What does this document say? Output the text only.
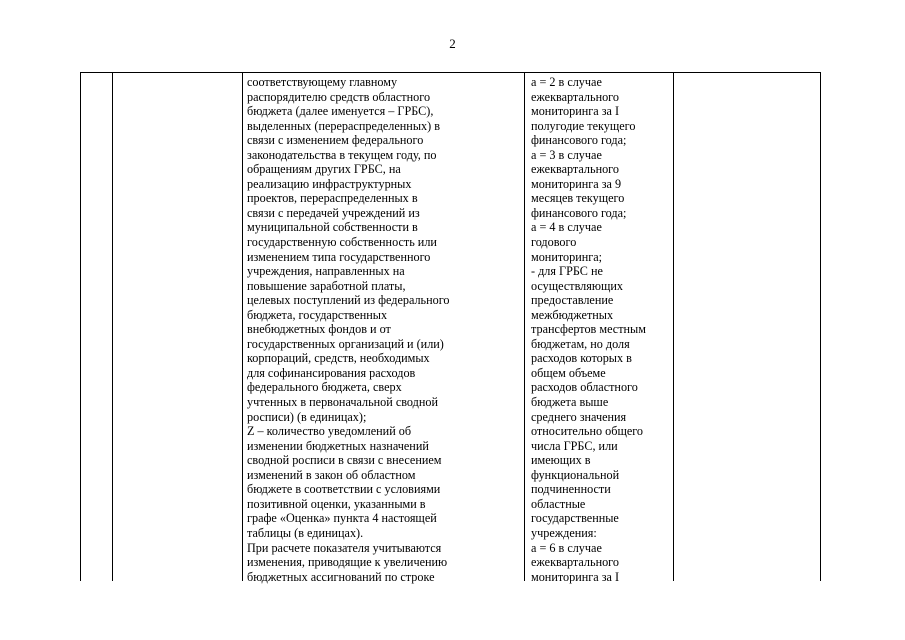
2
соответствующему главному
распорядителю средств областного
бюджета (далее именуется – ГРБС),
выделенных (перераспределенных) в
связи с изменением федерального
законодательства в текущем году, по
обращениям других ГРБС, на
реализацию инфраструктурных
проектов, перераспределенных в
связи с передачей учреждений из
муниципальной собственности в
государственную собственность или
изменением типа государственного
учреждения, направленных на
повышение заработной платы,
целевых поступлений из федерального
бюджета, государственных
внебюджетных фондов и от
государственных организаций и (или)
корпораций, средств, необходимых
для софинансирования расходов
федерального бюджета, сверх
учтенных в первоначальной сводной
росписи) (в единицах);
Z – количество уведомлений об
изменении бюджетных назначений
сводной росписи в связи с внесением
изменений в закон об областном
бюджете в соответствии с условиями
позитивной оценки, указанными в
графе «Оценка» пункта 4 настоящей
таблицы (в единицах).
При расчете показателя учитываются
изменения, приводящие к увеличению
бюджетных ассигнований по строке
a = 2 в случае
ежеквартального
мониторинга за I
полугодие текущего
финансового года;
a = 3 в случае
ежеквартального
мониторинга за 9
месяцев текущего
финансового года;
a = 4 в случае
годового
мониторинга;
- для ГРБС не
осуществляющих
предоставление
межбюджетных
трансфертов местным
бюджетам, но доля
расходов которых в
общем объеме
расходов областного
бюджета выше
среднего значения
относительно общего
числа ГРБС, или
имеющих в
функциональной
подчиненности
областные
государственные
учреждения:
a = 6 в случае
ежеквартального
мониторинга за I
